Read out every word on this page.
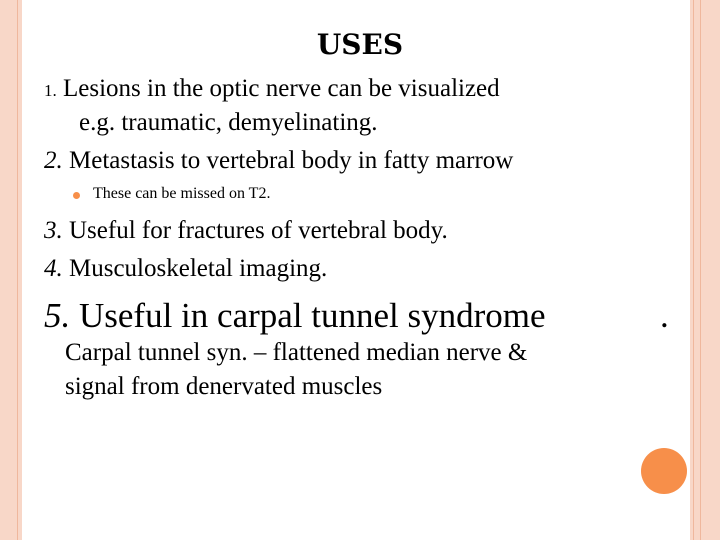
USES
1. Lesions in the optic nerve can be visualized
e.g. traumatic, demyelinating.
2. Metastasis to vertebral body in fatty marrow
These can be missed on T2.
3. Useful for fractures of vertebral body.
4. Musculoskeletal imaging.
5. Useful in carpal tunnel syndrome	.
Carpal tunnel syn. – flattened median nerve &
signal from denervated muscles
